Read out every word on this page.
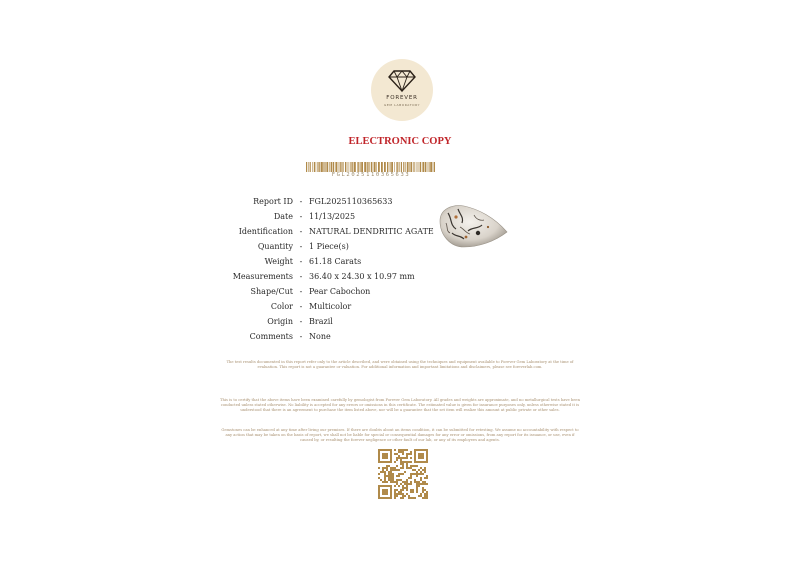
FOREVER
GEM LABORATORY
ELECTRONIC COPY
FGL2025110365633
Report ID - FGL2025110365633
Date - 11/13/2025
Identification - NATURAL DENDRITIC AGATE
Quantity - 1 Piece(s)
Weight - 61.18 Carats
Measurements - 36.40 x 24.30 x 10.97 mm
Shape/Cut - Pear Cabochon
Color - Multicolor
Origin - Brazil
Comments - None
The test results documented in this report refer only to the article described, and were obtained using the techniques and equipment available to Forever Gem Laboratory at the time of evaluation. This report is not a guarantee or valuation. For additional information and important limitations and disclaimers, please see foreverlab.com.
This is to certify that the above items have been examined carefully by gemologist from Forever Gem Laboratory. All grades and weights are approximate, and no metallurgical tests have been conducted unless stated otherwise. No liability is accepted for any errors or omissions in this certificate. The estimated value is given for insurance purposes only, unless otherwise stated it is understood that there is an agreement to purchase the item listed above, nor will be a guarantee that the set item will realize this amount at public private or other sales.
Gemstones can be enhanced at any time after living our premises. If there are doubts about an items condition, it can be submitted for retesting. We assume no accountability with respect to any action that may be taken on the basis of report, we shall not be liable for special or consequential damages for any error or omissions, from any report for its issuance, or use, even if caused by, or resulting the forever negligence or other fault of our lab, or any of its employees and agents.
